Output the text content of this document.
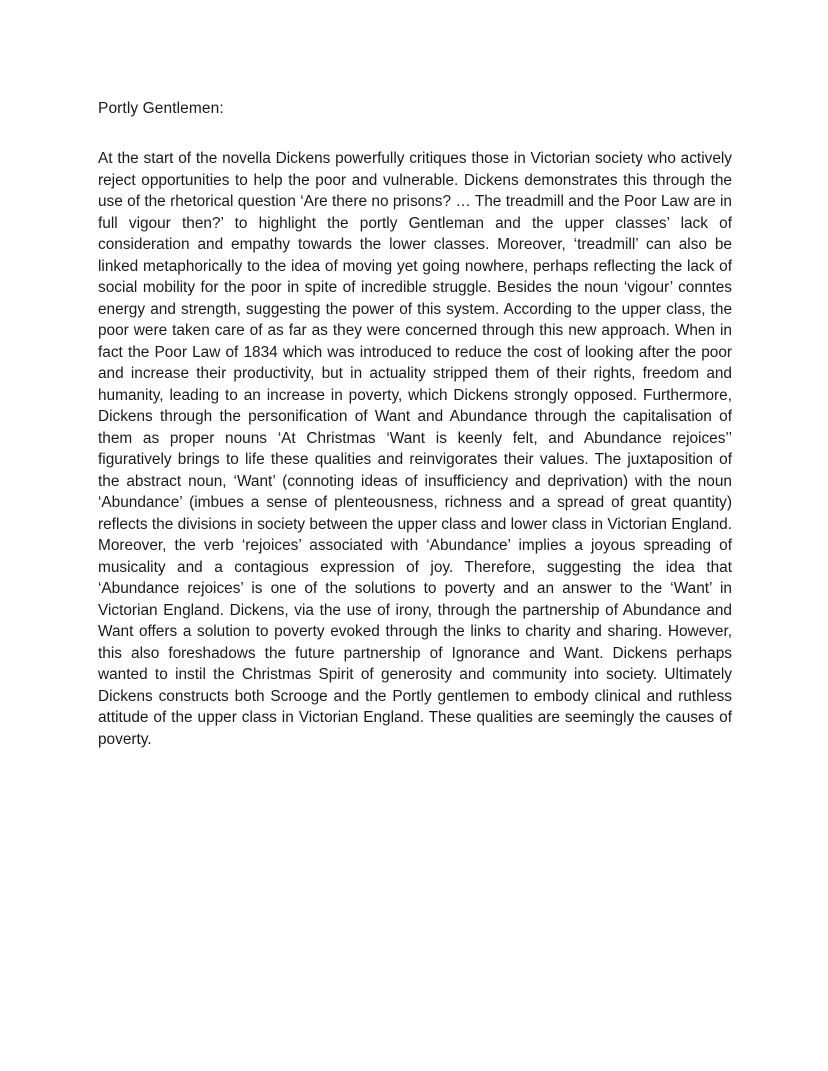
Portly Gentlemen:

At the start of the novella Dickens powerfully critiques those in Victorian society who actively reject opportunities to help the poor and vulnerable. Dickens demonstrates this through the use of the rhetorical question ‘Are there no prisons? … The treadmill and the Poor Law are in full vigour then?’ to highlight the portly Gentleman and the upper classes’ lack of consideration and empathy towards the lower classes. Moreover, ‘treadmill’ can also be linked metaphorically to the idea of moving yet going nowhere, perhaps reflecting the lack of social mobility for the poor in spite of incredible struggle. Besides the noun ‘vigour’ conntes energy and strength, suggesting the power of this system. According to the upper class, the poor were taken care of as far as they were concerned through this new approach. When in fact the Poor Law of 1834 which was introduced to reduce the cost of looking after the poor and increase their productivity, but in actuality stripped them of their rights, freedom and humanity, leading to an increase in poverty, which Dickens strongly opposed. Furthermore, Dickens through the personification of Want and Abundance through the capitalisation of them as proper nouns ‘At Christmas ‘Want is keenly felt, and Abundance rejoices’’ figuratively brings to life these qualities and reinvigorates their values. The juxtaposition of the abstract noun, ‘Want’ (connoting ideas of insufficiency and deprivation) with the noun ‘Abundance’ (imbues a sense of plenteousness, richness and a spread of great quantity) reflects the divisions in society between the upper class and lower class in Victorian England. Moreover, the verb ‘rejoices’ associated with ‘Abundance’ implies a joyous spreading of musicality and a contagious expression of joy. Therefore, suggesting the idea that ‘Abundance rejoices’ is one of the solutions to poverty and an answer to the ‘Want’ in Victorian England. Dickens, via the use of irony, through the partnership of Abundance and Want offers a solution to poverty evoked through the links to charity and sharing. However, this also foreshadows the future partnership of Ignorance and Want. Dickens perhaps wanted to instil the Christmas Spirit of generosity and community into society. Ultimately Dickens constructs both Scrooge and the Portly gentlemen to embody clinical and ruthless attitude of the upper class in Victorian England. These qualities are seemingly the causes of poverty.
